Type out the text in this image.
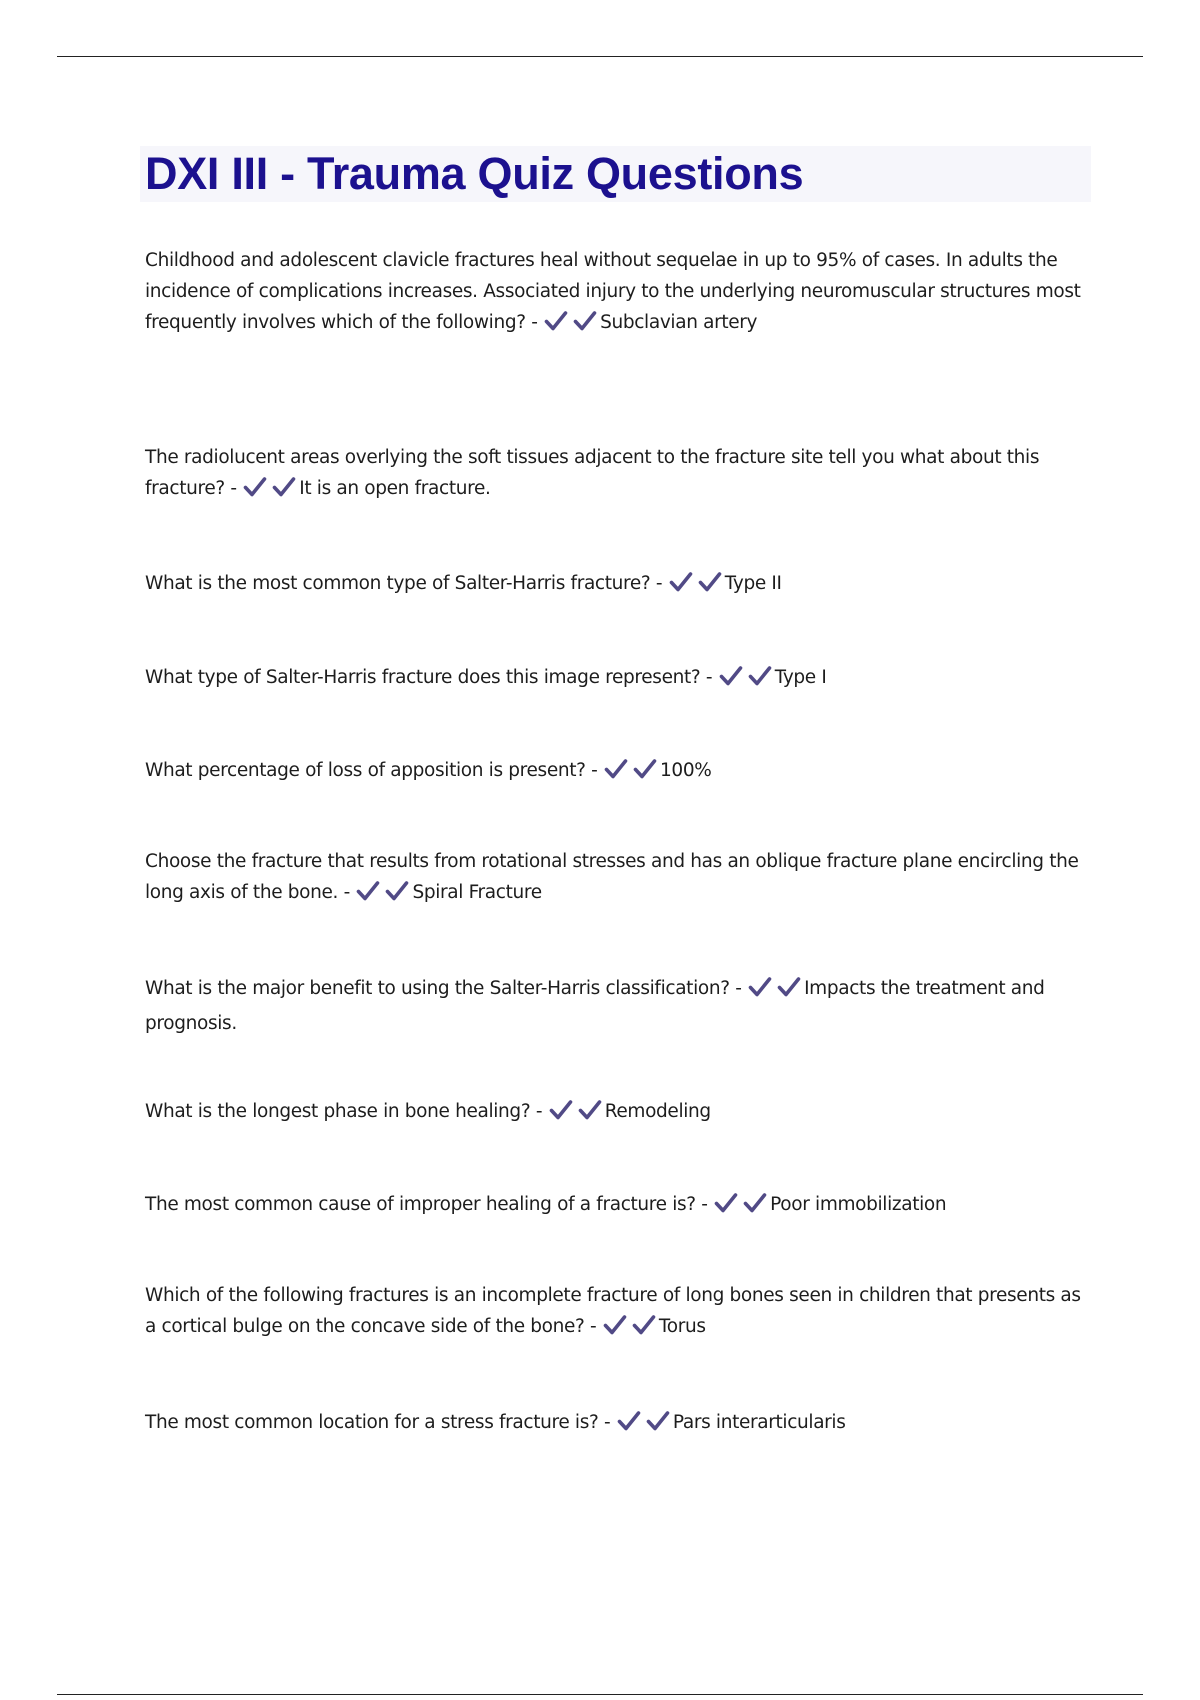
DXI III - Trauma Quiz Questions

Childhood and adolescent clavicle fractures heal without sequelae in up to 95% of cases. In adults the incidence of complications increases. Associated injury to the underlying neuromuscular structures most frequently involves which of the following? -	Subclavian artery

The radiolucent areas overlying the soft tissues adjacent to the fracture site tell you what about this fracture? -	It is an open fracture.

What is the most common type of Salter-Harris fracture? -	Type II

What type of Salter-Harris fracture does this image represent? -	Type I

What percentage of loss of apposition is present? -	100%

Choose the fracture that results from rotational stresses and has an oblique fracture plane encircling the long axis of the bone. -	Spiral Fracture

What is the major benefit to using the Salter-Harris classification? -	Impacts the treatment and prognosis.

What is the longest phase in bone healing? -	Remodeling

The most common cause of improper healing of a fracture is? -	Poor immobilization

Which of the following fractures is an incomplete fracture of long bones seen in children that presents as a cortical bulge on the concave side of the bone? -	Torus

The most common location for a stress fracture is? -	Pars interarticularis
